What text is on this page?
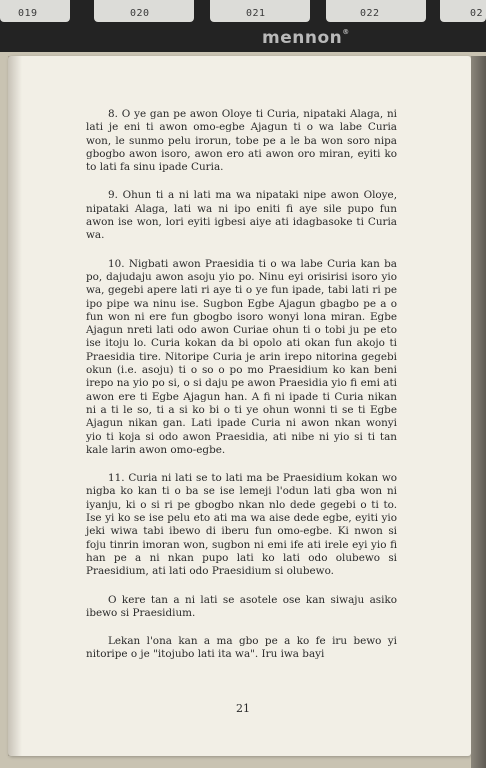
019	020	021	022	02
mennon®

8. O ye gan pe awon Oloye ti Curia, nipataki Alaga, ni lati je eni ti awon omo-egbe Ajagun ti o wa labe Curia won, le sunmo pelu irorun, tobe pe a le ba won soro nipa gbogbo awon isoro, awon ero ati awon oro miran, eyiti ko to lati fa sinu ipade Curia.

9. Ohun ti a ni lati ma wa nipataki nipe awon Oloye, nipataki Alaga, lati wa ni ipo eniti fi aye sile pupo fun awon ise won, lori eyiti igbesi aiye ati idagbasoke ti Curia wa.

10. Nigbati awon Praesidia ti o wa labe Curia kan ba po, dajudaju awon asoju yio po. Ninu eyi orisirisi isoro yio wa, gegebi apere lati ri aye ti o ye fun ipade, tabi lati ri pe ipo pipe wa ninu ise. Sugbon Egbe Ajagun gbagbo pe a o fun won ni ere fun gbogbo isoro wonyi lona miran. Egbe Ajagun nreti lati odo awon Curiae ohun ti o tobi ju pe eto ise itoju lo. Curia kokan da bi opolo ati okan fun akojo ti Praesidia tire. Nitoripe Curia je arin irepo nitorina gegebi okun (i.e. asoju) ti o so o po mo Praesidium ko kan beni irepo na yio po si, o si daju pe awon Praesidia yio fi emi ati awon ere ti Egbe Ajagun han. A fi ni ipade ti Curia nikan ni a ti le so, ti a si ko bi o ti ye ohun wonni ti se ti Egbe Ajagun nikan gan. Lati ipade Curia ni awon nkan wonyi yio ti koja si odo awon Praesidia, ati nibe ni yio si ti tan kale larin awon omo-egbe.

11. Curia ni lati se to lati ma be Praesidium kokan wo nigba ko kan ti o ba se ise lemeji l'odun lati gba won ni iyanju, ki o si ri pe gbogbo nkan nlo dede gegebi o ti to. Ise yi ko se ise pelu eto ati ma wa aise dede egbe, eyiti yio jeki wiwa tabi ibewo di iberu fun omo-egbe. Ki nwon si foju tinrin imoran won, sugbon ni emi ife ati irele eyi yio fi han pe a ni nkan pupo lati ko lati odo olubewo si Praesidium, ati lati odo Praesidium si olubewo.

O kere tan a ni lati se asotele ose kan siwaju asiko ibewo si Praesidium.

Lekan l'ona kan a ma gbo pe a ko fe iru bewo yi nitoripe o je "itojubo lati ita wa". Iru iwa bayi

21
